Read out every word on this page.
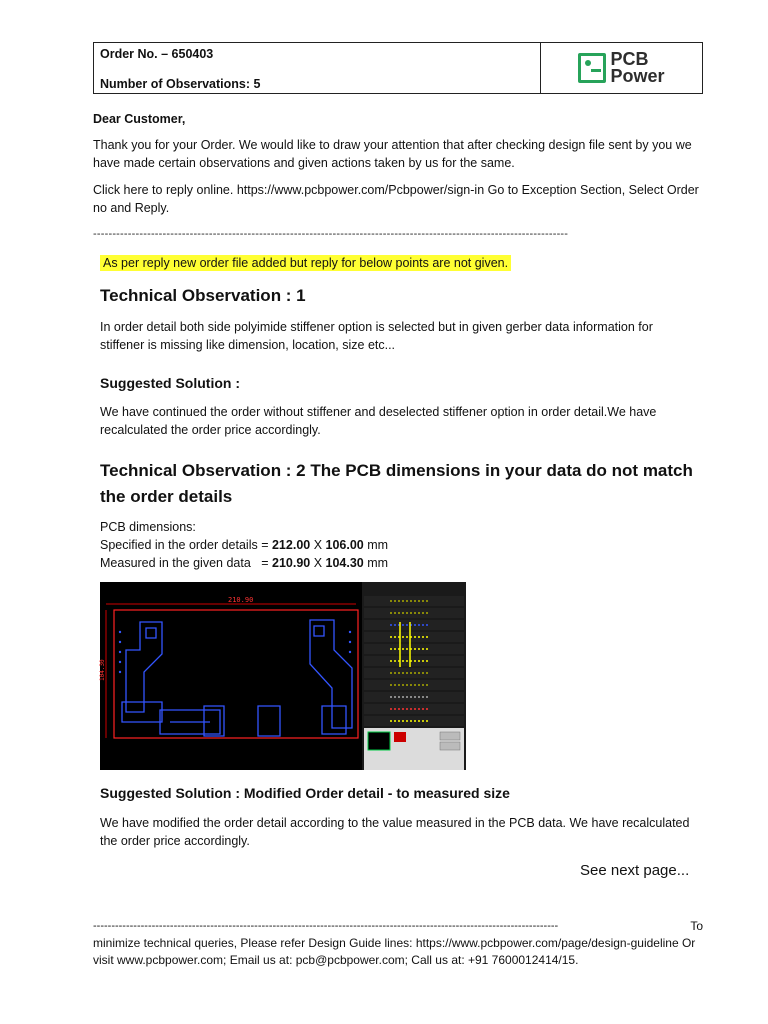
Order No. – 650403
Number of Observations: 5
PCB
Power
Dear Customer,
Thank you for your Order. We would like to draw your attention that after checking design file sent by you we have made certain observations and given actions taken by us for the same.
Click here to reply online. https://www.pcbpower.com/Pcbpower/sign-in Go to Exception Section, Select Order no and Reply.
---------------------------------------------------------------------------------------------------------------------------
As per reply new order file added but reply for below points are not given.
Technical Observation : 1
In order detail both side polyimide stiffener option is selected but in given gerber data information for stiffener is missing like dimension, location, size etc...
Suggested Solution :
We have continued the order without stiffener and deselected stiffener option in order detail.We have recalculated the order price accordingly.
Technical Observation : 2 The PCB dimensions in your data do not match the order details
PCB dimensions:
Specified in the order details = 212.00 X 106.00 mm
Measured in the given data   = 210.90 X 104.30 mm
210.90
104.30
Suggested Solution : Modified Order detail - to measured size
We have modified the order detail according to the value measured in the PCB data. We have recalculated the order price accordingly.
See next page...
-------------------------------------------------------------------------------------------------------------------------------	To
minimize technical queries, Please refer Design Guide lines: https://www.pcbpower.com/page/design-guideline Or visit www.pcbpower.com; Email us at: pcb@pcbpower.com; Call us at: +91 7600012414/15.
